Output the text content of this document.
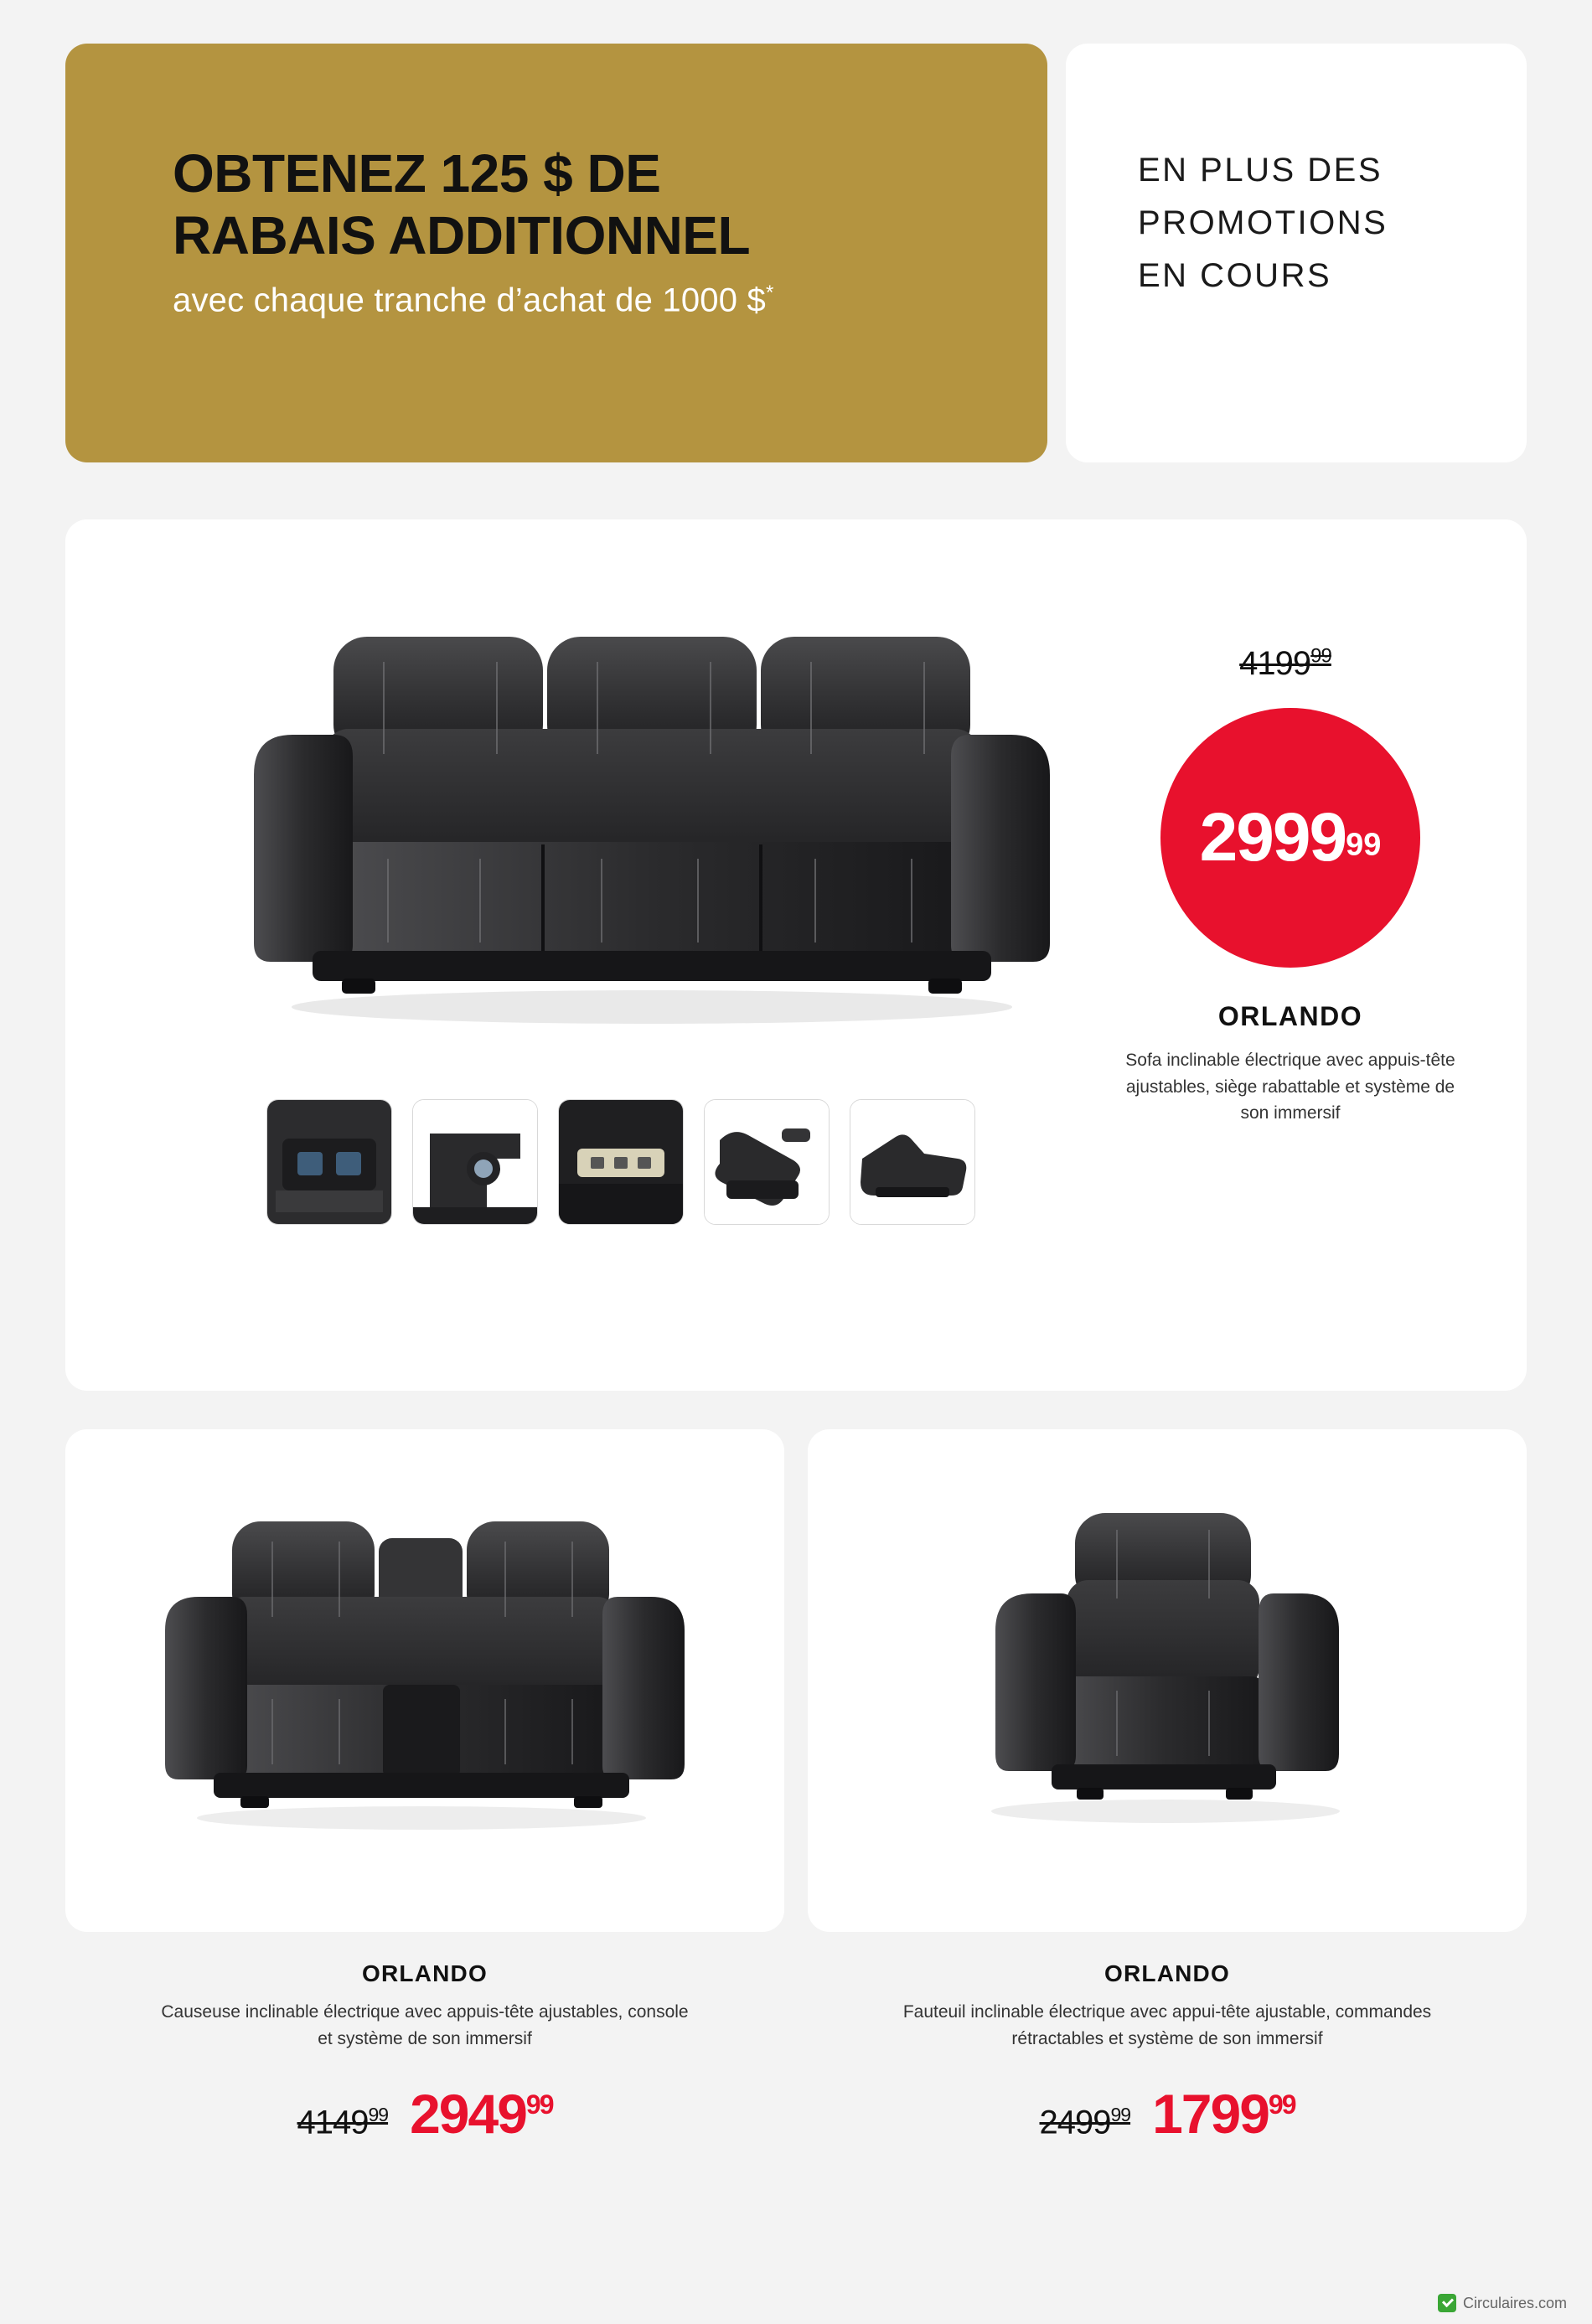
OBTENEZ 125 $ DE
RABAIS ADDITIONNEL
avec chaque tranche d’achat de 1000 $*
EN PLUS DES
PROMOTIONS
EN COURS
4199$^{99}$
299999
ORLANDO
Sofa inclinable électrique avec appuis-tête ajustables, siège rabattable et système de son immersif
ORLANDO
Causeuse inclinable électrique avec appuis-tête ajustables, console et système de son immersif
4149$^{99}$ 2949$^{99}$
ORLANDO
Fauteuil inclinable électrique avec appui-tête ajustable, commandes rétractables et système de son immersif
2499$^{99}$ 1799$^{99}$
Circulaires.com
